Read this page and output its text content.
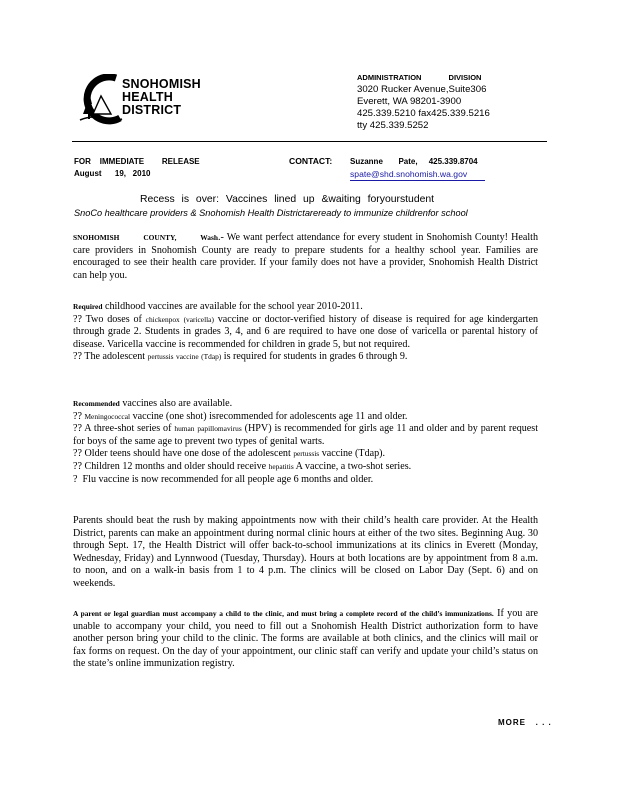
SNOHOMISH
HEALTH
DISTRICT
ADMINISTRATION             DIVISION
3020 Rucker Avenue,Suite306
Everett, WA 98201-3900
425.339.5210 fax425.339.5216
tty 425.339.5252
FOR    IMMEDIATE        RELEASE
August      19,   2010
CONTACT: Suzanne       Pate,     425.339.8704
spate@shd.snohomish.wa.gov
Recess is over: Vaccines lined up &waiting foryourstudent
SnoCo healthcare providers & Snohomish Health Districtareready to immunize childrenfor school
SNOHOMISH          COUNTY,          Wash.- We want perfect attendance for every student in Snohomish County! Health care providers in Snohomish County are ready to prepare students for a healthy school year. Families are encouraged to see their health care provider. If your family does not have a provider, Snohomish Health District can help you.
Required childhood vaccines are available for the school year 2010-2011.
?? Two doses of chickenpox (varicella) vaccine or doctor-verified history of disease is required for age kindergarten through grade 2. Students in grades 3, 4, and 6 are required to have one dose of varicella or parental history of disease. Varicella vaccine is recommended for children in grade 5, but not required.
?? The adolescent pertussis vaccine (Tdap) is required for students in grades 6 through 9.
Recommended vaccines also are available.
?? Meningococcal vaccine (one shot) isrecommended for adolescents age 11 and older.
?? A three-shot series of human papillomavirus (HPV) is recommended for girls age 11 and older and by parent request for boys of the same age to prevent two types of genital warts.
?? Older teens should have one dose of the adolescent pertussis vaccine (Tdap).
?? Children 12 months and older should receive hepatitis A vaccine, a two-shot series.
?  Flu vaccine is now recommended for all people age 6 months and older.
Parents should beat the rush by making appointments now with their child’s health care provider. At the Health District, parents can make an appointment during normal clinic hours at either of the two sites. Beginning Aug. 30 through Sept. 17, the Health District will offer back-to-school immunizations at its clinics in Everett (Monday, Wednesday, Friday) and Lynnwood (Tuesday, Thursday). Hours at both locations are by appointment from 8 a.m. to noon, and on a walk-in basis from 1 to 4 p.m. The clinics will be closed on Labor Day (Sept. 6) and on weekends.
A parent or legal guardian must accompany a child to the clinic, and must bring a complete record of the child’s immunizations. If you are unable to accompany your child, you need to fill out a Snohomish Health District authorization form to have another person bring your child to the clinic. The forms are available at both clinics, and the clinics will mail or fax forms on request. On the day of your appointment, our clinic staff can verify and update your child’s status on the state’s online immunization registry.
MORE   . . .
